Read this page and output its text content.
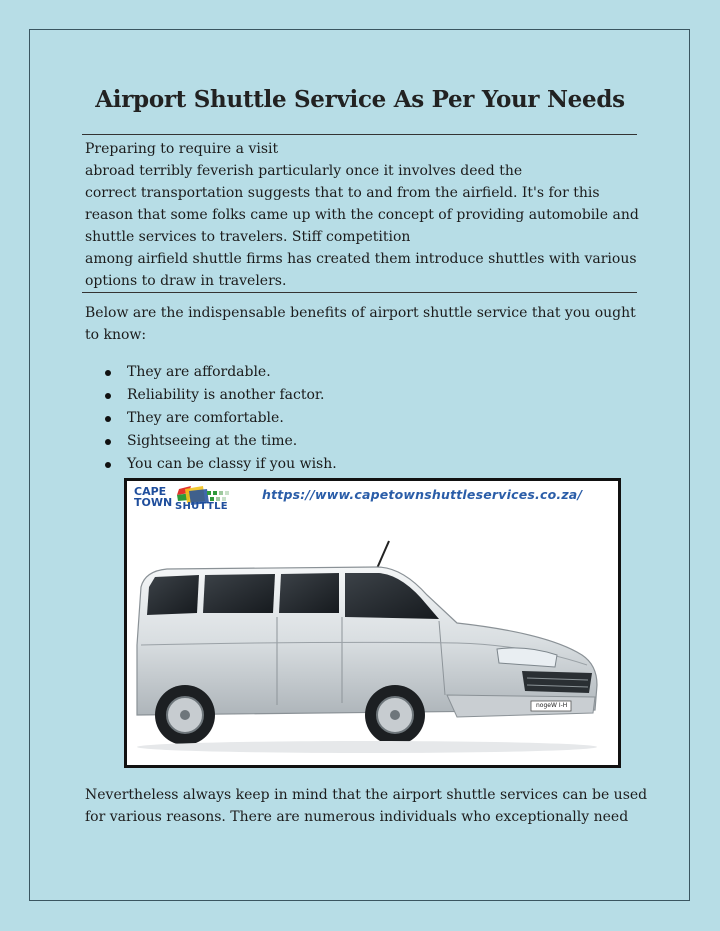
Airport Shuttle Service As Per Your Needs
Preparing to require a visit
abroad terribly feverish particularly once it involves deed the
correct transportation suggests that to and from the airfield. It's for this
reason that some folks came up with the concept of providing automobile and
shuttle services to travelers. Stiff competition
among airfield shuttle firms has created them introduce shuttles with various
options to draw in travelers.
Below are the indispensable benefits of airport shuttle service that you ought
to know:
They are affordable.
Reliability is another factor.
They are comfortable.
Sightseeing at the time.
You can be classy if you wish.
CAPE
TOWN SHUTTLE
https://www.capetownshuttleservices.co.za/
nogeW I-H
Nevertheless always keep in mind that the airport shuttle services can be used
for various reasons. There are numerous individuals who exceptionally need
